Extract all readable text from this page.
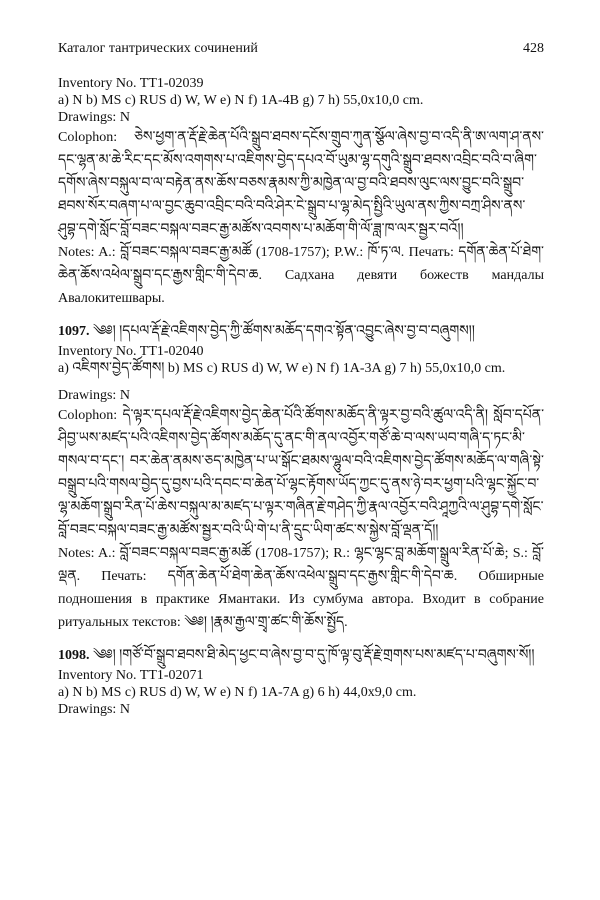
Каталог тантрических сочинений	428

Inventory No. TT1-02039

a) N b) MS c) RUS d) W, W e) N f) 1A-4B g) 7 h) 55,0x10,0 cm.

Drawings: N

Colophon: ཅེས་ཕྱག་ན་རྡོ་རྗེ་ཆེན་པོའི་སྒྲུབ་ཐབས་དངོས་གྲུབ་ཀུན་སྩོལ་ཞེས་བྱ་བ་འདི་ནི་ཨ་ལག་ཤ་ནས་དང་ལྷན་མ་ཆེ་རིང་དང་མོས་འགགས་པ་འཇིགས་བྱེད་དཔའ་བོ་ཡུམ་ལྷ་དགུའི་སྒྲུབ་ཐབས་འབྲིང་བའི་བ་ཞིག་དགོས་ཞེས་བསྐུལ་བ་ལ་བརྟེན་ནས་ཆོས་བཅས་རྣམས་ཀྱི་མཁྱེན་ལ་བྱ་བའི་ཐབས་ལུང་ལས་བྱུང་བའི་སྒྲུབ་ཐབས་སོར་བཞག་པ་ལ་བྱང་ཆུབ་འབྲིང་བའི་བའི་ཤེར་ངེ་སྒྲུབ་པ་ལྷ་མེད་སྤྱིའི་ཡུལ་ནས་ཀྱིས་བཀྲ་ཤིས་ནས་ཤུབྷ་དགེ་སློང་བློ་བཟང་བསྐལ་བཟང་རྒྱ་མཚོས་འབགས་པ་མཆོག་གི་ལོ་ཟླ་ཁ་ལར་སྦྱར་བའོ།།

Notes: A.: བློ་བཟང་བསྐལ་བཟང་རྒྱ་མཚོ (1708-1757); P.W.: ཁོ་ཏ་ལ. Печать: དགོན་ཆེན་པོ་ཐེག་ཆེན་ཆོས་འཕེལ་སྒྲུབ་དང་རྒྱས་གླིང་གི་དེབ་ཆ. Садхана девяти божеств мандалы Авалокитешвары.

1097. ༄༅། །དཔལ་རྡོ་རྗེ་འཇིགས་བྱེད་ཀྱི་ཚོགས་མཆོད་དགའ་སྟོན་འབྱུང་ཞེས་བྱ་བ་བཞུགས།།

Inventory No. TT1-02040

a) འཇིགས་བྱེད་ཚོགས། b) MS c) RUS d) W, W e) N f) 1A-3A g) 7 h) 55,0x10,0 cm.

Drawings: N

Colophon: དེ་ལྟར་དཔལ་རྡོ་རྗེ་འཇིགས་བྱེད་ཆེན་པོའི་ཚོགས་མཆོད་ནི་ལྟར་བྱ་བའི་ཚུལ་འདི་ནི། སློབ་དཔོན་ཤིབྱ་ཡས་མཛད་པའི་འཇིགས་བྱེད་ཚོགས་མཆོད་དུ་ནང་གི་ནལ་འབྱོར་གཙོ་ཆེ་བ་ལས་ཡབ་གཞི་ད་ཏང་མི་གསལ་བ་དང་། བར་ཆེན་ནམས་ཅད་མཁྱེན་པ་ཡ་སྒོང་ཐམས་ལྷུལ་བའི་འཇིགས་བྱེད་ཚོགས་མཆོད་ལ་གཞི་སྟེ་བསྒྲུབ་པའི་གསལ་བྱེད་དུ་བྱས་པའི་དབང་བ་ཆེན་པོ་ལྷང་རྟོགས་ཡོད་ཀྱང་དུ་ནས་ཉེ་བར་ཕྱག་པའི་ལྷང་སྐྱོང་བ་ལྷ་མཆོག་སྒྲུབ་རིན་པོ་ཆེས་བསྐུལ་མ་མཛད་པ་ལྟར་གཞིན་རྗེ་གཤེད་ཀྱི་རྣལ་འབྱོར་བའི་ཤཱཀྱའི་ལ་ཤུབྷ་དགེ་སློང་བློ་བཟང་བསྐལ་བཟང་རྒྱ་མཚོས་སྦྱར་བའི་ཡི་གེ་པ་ནི་དྲུང་ཡིག་ཚང་ས་སྐྱེས་བློ་ལྡན་དོ།།

Notes: A.: བློ་བཟང་བསྐལ་བཟང་རྒྱ་མཚོ (1708-1757); R.: ལྷང་ལྷང་བླ་མཆོག་སྒྲུལ་རིན་པོ་ཆེ; S.: བློ་ལྡན. Печать: དགོན་ཆེན་པོ་ཐེག་ཆེན་ཆོས་འཕེལ་སྒྲུབ་དང་རྒྱས་གླིང་གི་དེབ་ཆ. Обширные подношения в практике Ямантаки. Из сумбума автора. Входит в собрание ритуальных текстов: ༄༅། །རྣམ་རྒྱལ་གྲྭ་ཚང་གི་ཆོས་སྤྱོད.

1098. ༄༅། །གཙོ་བོ་སྒྲུབ་ཐབས་ཐི་མེད་ཕྱང་བ་ཞེས་བྱ་བ་དུ་ཁོ་ལྟ་བུ་རྡོ་རྗེ་གྲགས་པས་མཛད་པ་བཞུགས་སོ།།

Inventory No. TT1-02071

a) N b) MS c) RUS d) W, W e) N f) 1A-7A g) 6 h) 44,0x9,0 cm.

Drawings: N
